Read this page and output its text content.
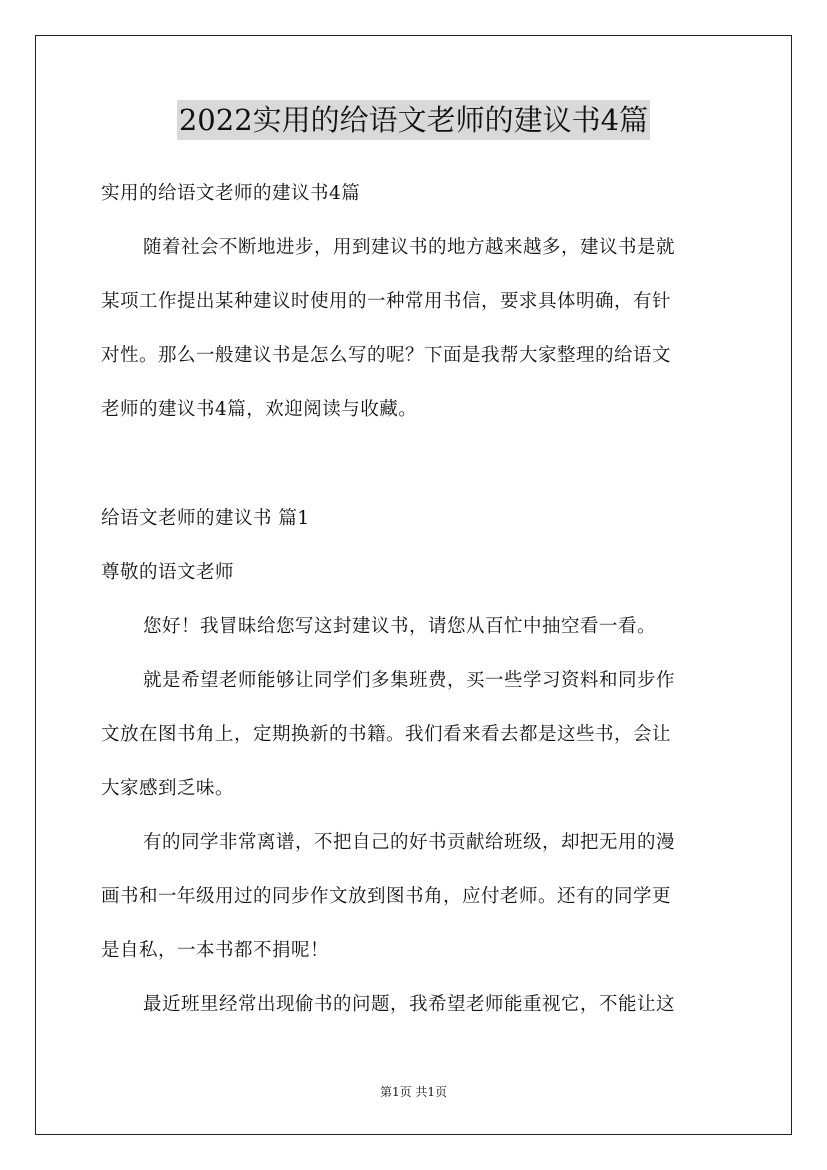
2022实用的给语文老师的建议书4篇
实用的给语文老师的建议书4篇
随着社会不断地进步，用到建议书的地方越来越多，建议书是就
某项工作提出某种建议时使用的一种常用书信，要求具体明确，有针
对性。那么一般建议书是怎么写的呢？下面是我帮大家整理的给语文
老师的建议书4篇，欢迎阅读与收藏。
给语文老师的建议书 篇1
尊敬的语文老师
您好！我冒昧给您写这封建议书，请您从百忙中抽空看一看。
就是希望老师能够让同学们多集班费，买一些学习资料和同步作
文放在图书角上，定期换新的书籍。我们看来看去都是这些书，会让
大家感到乏味。
有的同学非常离谱，不把自己的好书贡献给班级，却把无用的漫
画书和一年级用过的同步作文放到图书角，应付老师。还有的同学更
是自私，一本书都不捐呢！
最近班里经常出现偷书的问题，我希望老师能重视它，不能让这
第1页 共1页
